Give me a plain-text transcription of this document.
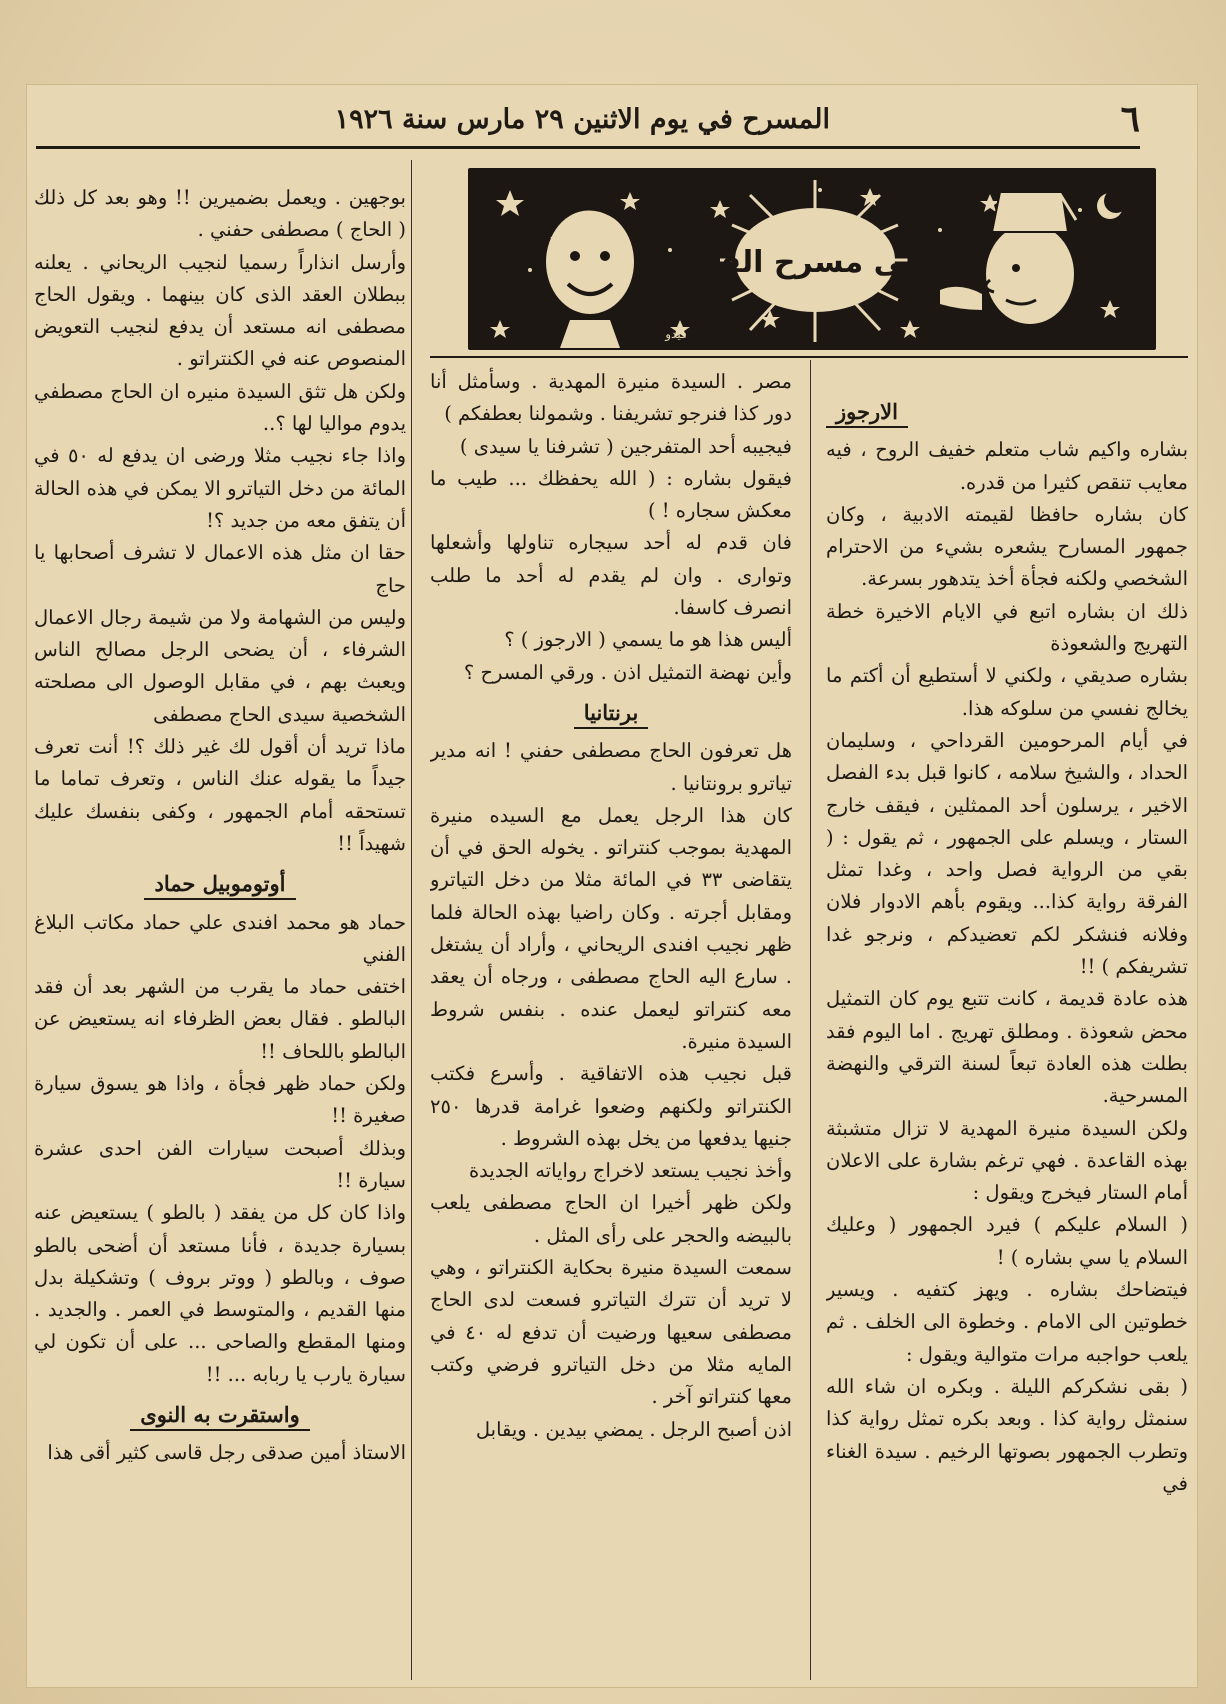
٦
المسرح في يوم الاثنين ٢٩ مارس سنة ١٩٢٦
على مسرح الفن
فيدو

الارجوز

بشاره واكيم شاب متعلم خفيف الروح ، فيه معايب تنقص كثيرا من قدره.

كان بشاره حافظا لقيمته الادبية ، وكان جمهور المسارح يشعره بشيء من الاحترام الشخصي ولكنه فجأة أخذ يتدهور بسرعة.

ذلك ان بشاره اتبع في الايام الاخيرة خطة التهريج والشعوذة

بشاره صديقي ، ولكني لا أستطيع أن أكتم ما يخالج نفسي من سلوكه هذا.

في أيام المرحومين القرداحي ، وسليمان الحداد ، والشيخ سلامه ، كانوا قبل بدء الفصل الاخير ، يرسلون أحد الممثلين ، فيقف خارج الستار ، ويسلم على الجمهور ، ثم يقول : ( بقي من الرواية فصل واحد ، وغدا تمثل الفرقة رواية كذا... ويقوم بأهم الادوار فلان وفلانه فنشكر لكم تعضيدكم ، ونرجو غدا تشريفكم ) !!

هذه عادة قديمة ، كانت تتبع يوم كان التمثيل محض شعوذة . ومطلق تهريج . اما اليوم فقد بطلت هذه العادة تبعاً لسنة الترقي والنهضة المسرحية.

ولكن السيدة منيرة المهدية لا تزال متشبثة بهذه القاعدة . فهي ترغم بشارة على الاعلان أمام الستار فيخرج ويقول :

( السلام عليكم ) فيرد الجمهور ( وعليك السلام يا سي بشاره ) !

فيتضاحك بشاره . ويهز كتفيه . ويسير خطوتين الى الامام . وخطوة الى الخلف . ثم يلعب حواجبه مرات متوالية ويقول :

( بقى نشكركم الليلة . وبكره ان شاء الله سنمثل رواية كذا . وبعد بكره تمثل رواية كذا وتطرب الجمهور بصوتها الرخيم . سيدة الغناء في

مصر . السيدة منيرة المهدية . وسأمثل أنا دور كذا فنرجو تشريفنا . وشمولنا بعطفكم )

فيجيبه أحد المتفرجين ( تشرفنا يا سيدى )

فيقول بشاره : ( الله يحفظك ... طيب ما معكش سجاره ! )

فان قدم له أحد سيجاره تناولها وأشعلها وتوارى . وان لم يقدم له أحد ما طلب انصرف كاسفا.

أليس هذا هو ما يسمي ( الارجوز ) ؟

وأين نهضة التمثيل اذن . ورقي المسرح ؟

برنتانيا

هل تعرفون الحاج مصطفى حفني ! انه مدير تياترو برونتانيا .

كان هذا الرجل يعمل مع السيده منيرة المهدية بموجب كنتراتو . يخوله الحق في أن يتقاضى ٣٣ في المائة مثلا من دخل التياترو ومقابل أجرته . وكان راضيا بهذه الحالة فلما ظهر نجيب افندى الريحاني ، وأراد أن يشتغل . سارع اليه الحاج مصطفى ، ورجاه أن يعقد معه كنتراتو ليعمل عنده . بنفس شروط السيدة منيرة.

قبل نجيب هذه الاتفاقية . وأسرع فكتب الكنتراتو ولكنهم وضعوا غرامة قدرها ٢٥٠ جنيها يدفعها من يخل بهذه الشروط .

وأخذ نجيب يستعد لاخراج رواياته الجديدة

ولكن ظهر أخيرا ان الحاج مصطفى يلعب بالبيضه والحجر على رأى المثل .

سمعت السيدة منيرة بحكاية الكنتراتو ، وهي لا تريد أن تترك التياترو فسعت لدى الحاج مصطفى سعيها ورضيت أن تدفع له ٤٠ في المايه مثلا من دخل التياترو فرضي وكتب معها كنتراتو آخر .

اذن أصبح الرجل . يمضي بيدين . ويقابل

بوجهين . ويعمل بضميرين !! وهو بعد كل ذلك ( الحاج ) مصطفى حفني .

وأرسل انذاراً رسميا لنجيب الريحاني . يعلنه ببطلان العقد الذى كان بينهما . ويقول الحاج مصطفى انه مستعد أن يدفع لنجيب التعويض المنصوص عنه في الكنتراتو .

ولكن هل تثق السيدة منيره ان الحاج مصطفي يدوم مواليا لها ؟..

واذا جاء نجيب مثلا ورضى ان يدفع له ٥٠ في المائة من دخل التياترو الا يمكن في هذه الحالة أن يتفق معه من جديد ؟!

حقا ان مثل هذه الاعمال لا تشرف أصحابها يا حاج

وليس من الشهامة ولا من شيمة رجال الاعمال الشرفاء ، أن يضحى الرجل مصالح الناس ويعبث بهم ، في مقابل الوصول الى مصلحته الشخصية سيدى الحاج مصطفى

ماذا تريد أن أقول لك غير ذلك ؟! أنت تعرف جيداً ما يقوله عنك الناس ، وتعرف تماما ما تستحقه أمام الجمهور ، وكفى بنفسك عليك شهيداً !!

أوتوموبيل حماد

حماد هو محمد افندى علي حماد مكاتب البلاغ الفني

اختفى حماد ما يقرب من الشهر بعد أن فقد البالطو . فقال بعض الظرفاء انه يستعيض عن البالطو باللحاف !!

ولكن حماد ظهر فجأة ، واذا هو يسوق سيارة صغيرة !!

وبذلك أصبحت سيارات الفن احدى عشرة سيارة !!

واذا كان كل من يفقد ( بالطو ) يستعيض عنه بسيارة جديدة ، فأنا مستعد أن أضحى بالطو صوف ، وبالطو ( ووتر بروف ) وتشكيلة بدل منها القديم ، والمتوسط في العمر . والجديد . ومنها المقطع والصاحى ... على أن تكون لي سيارة يارب يا ربابه ... !!

واستقرت به النوى

الاستاذ أمين صدقى رجل قاسى كثير أقى هذا
